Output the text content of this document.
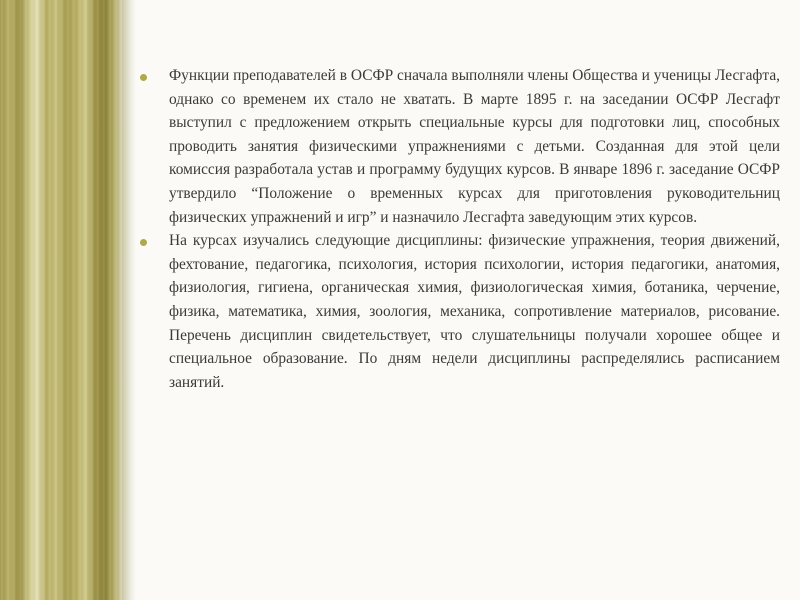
Функции преподавателей в ОСФР сначала выполняли члены Общества и ученицы Лесгафта, однако со временем их стало не хватать. В марте 1895 г. на заседании ОСФР Лесгафт выступил с предложением открыть специальные курсы для подготовки лиц, способных проводить занятия физическими упражнениями с детьми. Созданная для этой цели комиссия разработала устав и программу будущих курсов. В январе 1896 г. заседание ОСФР утвердило “Положение о временных курсах для приготовления руководительниц физических упражнений и игр” и назначило Лесгафта заведующим этих курсов.
На курсах изучались следующие дисциплины: физические упражнения, теория движений, фехтование, педагогика, психология, история психологии, история педагогики, анатомия, физиология, гигиена, органическая химия, физиологическая химия, ботаника, черчение, физика, математика, химия, зоология, механика, сопротивление материалов, рисование. Перечень дисциплин свидетельствует, что слушательницы получали хорошее общее и специальное образование. По дням недели дисциплины распределялись расписанием занятий.
